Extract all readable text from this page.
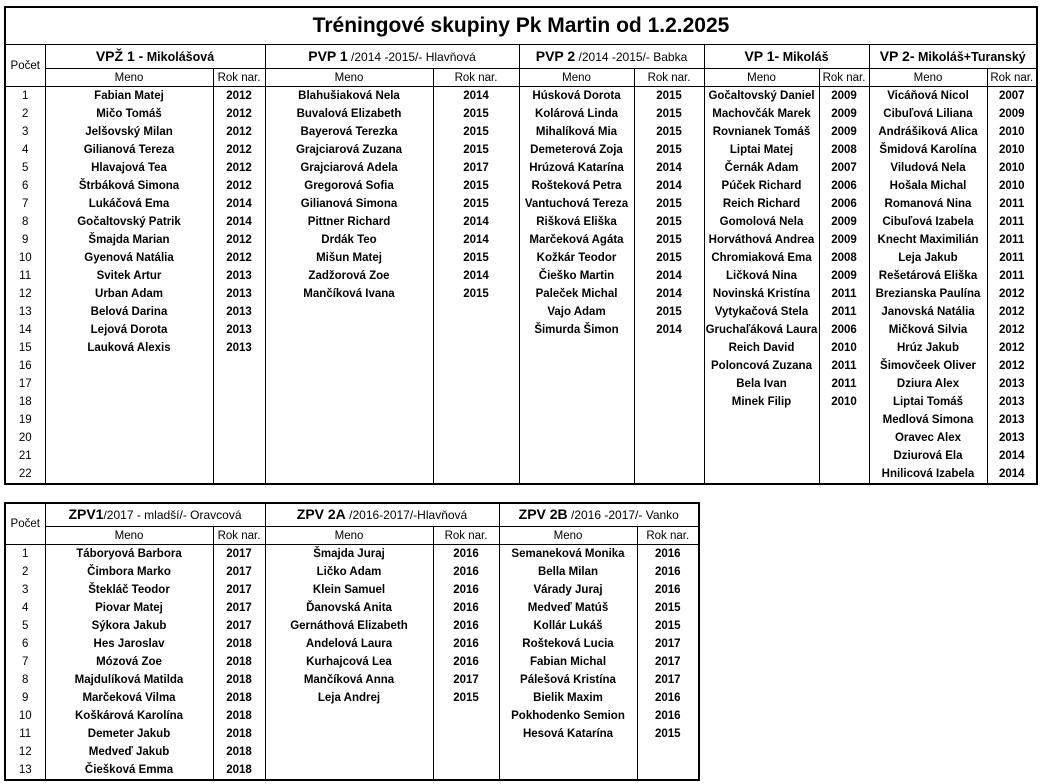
Tréningové skupiny Pk Martin od 1.2.2025										
Počet	VPŽ 1 - Mikolášová		PVP 1 /2014 -2015/- Hlavňová		PVP 2 /2014 -2015/- Babka		VP 1- Mikoláš		VP 2- Mikoláš+Turanský	
	Meno	Rok nar.	Meno	Rok nar.	Meno	Rok nar.	Meno	Rok nar.	Meno	Rok nar.
1	Fabian Matej	2012	Blahušiaková Nela	2014	Húsková Dorota	2015	Gočaltovský Daniel	2009	Vicáňová Nicol	2007
2	Mičo Tomáš	2012	Buvalová Elizabeth	2015	Kolárová Linda	2015	Machovčák Marek	2009	Cibuľová Liliana	2009
3	Jelšovský Milan	2012	Bayerová Terezka	2015	Mihalíková Mia	2015	Rovnianek Tomáš	2009	Andrášiková Alica	2010
4	Gilianová Tereza	2012	Grajciarová Zuzana	2015	Demeterová Zoja	2015	Liptai Matej	2008	Šmidová Karolína	2010
5	Hlavajová Tea	2012	Grajciarová Adela	2017	Hrúzová Katarína	2014	Černák Adam	2007	Viludová Nela	2010
6	Štrbáková Simona	2012	Gregorová Sofia	2015	Rošteková Petra	2014	Púček Richard	2006	Hošala Michal	2010
7	Lukáčová Ema	2014	Gilianová Simona	2015	Vantuchová Tereza	2015	Reich Richard	2006	Romanová Nina	2011
8	Gočaltovský Patrik	2014	Pittner Richard	2014	Rišková Eliška	2015	Gomolová Nela	2009	Cibuľová Izabela	2011
9	Šmajda Marian	2012	Drdák Teo	2014	Marčeková Agáta	2015	Horváthová Andrea	2009	Knecht Maximilián	2011
10	Gyenová Natália	2012	Mišun Matej	2015	Kožkár Teodor	2015	Chromiaková Ema	2008	Leja Jakub	2011
11	Svitek Artur	2013	Zadžorová Zoe	2014	Čieško Martin	2014	Ličková Nina	2009	Rešetárová Eliška	2011
12	Urban Adam	2013	Mančíková Ivana	2015	Paleček Michal	2014	Novinská Kristína	2011	Brezianska Paulína	2012
13	Belová Darina	2013			Vajo Adam	2015	Vytykačová Stela	2011	Janovská Natália	2012
14	Lejová Dorota	2013			Šimurda Šimon	2014	Gruchaľáková Laura	2006	Mičková Silvia	2012
15	Lauková Alexis	2013					Reich David	2010	Hrúz Jakub	2012
16							Poloncová Zuzana	2011	Šimovčeek Oliver	2012
17							Bela Ivan	2011	Dziura Alex	2013
18							Minek Filip	2010	Liptai Tomáš	2013
19									Medlová Simona	2013
20									Oravec Alex	2013
21									Dziurová Ela	2014
22									Hnilicová Izabela	2014
Počet	ZPV1/2017 - mladší/- Oravcová		ZPV 2A /2016-2017/-Hlavňová		ZPV 2B /2016 -2017/- Vanko	
	Meno	Rok nar.	Meno	Rok nar.	Meno	Rok nar.
1	Táboryová Barbora	2017	Šmajda Juraj	2016	Semaneková Monika	2016
2	Čimbora Marko	2017	Ličko Adam	2016	Bella Milan	2016
3	Štekláč Teodor	2017	Klein Samuel	2016	Várady Juraj	2016
4	Piovar Matej	2017	Ďanovská Anita	2016	Medveď Matúš	2015
5	Sýkora Jakub	2017	Gernáthová Elizabeth	2016	Kollár Lukáš	2015
6	Hes Jaroslav	2018	Andelová Laura	2016	Rošteková Lucia	2017
7	Mózová Zoe	2018	Kurhajcová Lea	2016	Fabian Michal	2017
8	Majdulíková Matilda	2018	Mančíková Anna	2017	Pálešová Kristína	2017
9	Marčeková Vilma	2018	Leja Andrej	2015	Bielik Maxim	2016
10	Koškárová Karolína	2018			Pokhodenko Semion	2016
11	Demeter Jakub	2018			Hesová Katarína	2015
12	Medveď Jakub	2018				
13	Čiešková Emma	2018				
